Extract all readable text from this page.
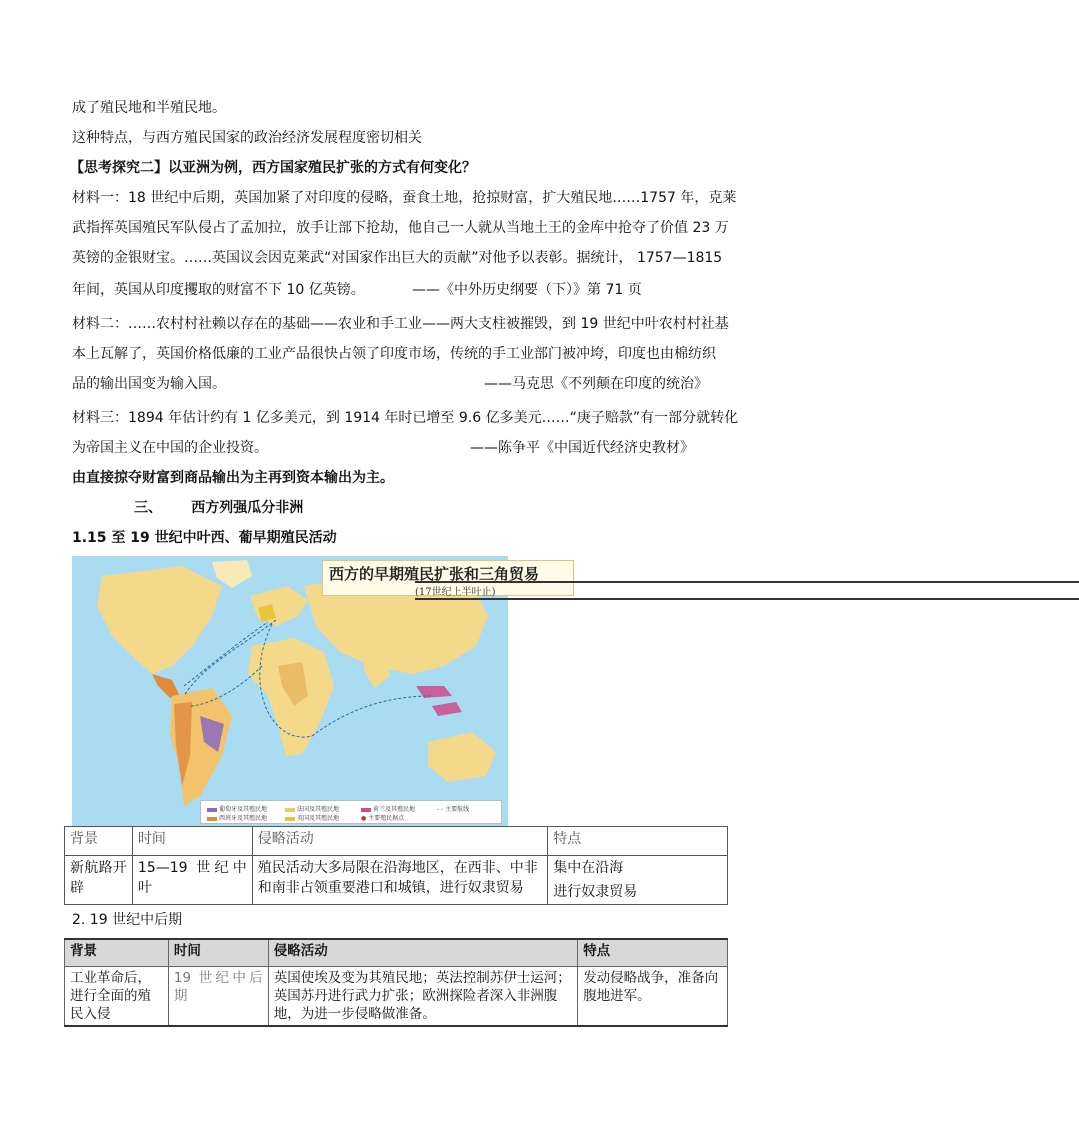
成了殖民地和半殖民地。
这种特点，与西方殖民国家的政治经济发展程度密切相关
【思考探究二】以亚洲为例，西方国家殖民扩张的方式有何变化？
材料一：18 世纪中后期，英国加紧了对印度的侵略，蚕食土地，抢掠财富，扩大殖民地……1757 年，克莱
武指挥英国殖民军队侵占了孟加拉，放手让部下抢劫，他自己一人就从当地土王的金库中抢夺了价值 23 万
英镑的金银财宝。……英国议会因克莱武“对国家作出巨大的贡献”对他予以表彰。据统计， 1757—1815
年间，英国从印度攫取的财富不下 10 亿英镑。	——《中外历史纲要（下）》第 71 页
材料二：……农村村社赖以存在的基础——农业和手工业——两大支柱被摧毁，到 19 世纪中叶农村村社基
本上瓦解了，英国价格低廉的工业产品很快占领了印度市场，传统的手工业部门被冲垮，印度也由棉纺织
品的输出国变为输入国。	——马克思《不列颠在印度的统治》
材料三：1894 年估计约有 1 亿多美元，到 1914 年时已增至 9.6 亿多美元……“庚子赔款”有一部分就转化
为帝国主义在中国的企业投资。	——陈争平《中国近代经济史教材》
由直接掠夺财富到商品输出为主再到资本输出为主。
三、      西方列强瓜分非洲
1.15 至 19 世纪中叶西、葡早期殖民活动
西方的早期殖民扩张和三角贸易
(17世纪上半叶止)
葡萄牙及其殖民地
西班牙及其殖民地
法国及其殖民地
英国及其殖民地
荷兰及其殖民地
● 主要殖民据点
- - 主要航线
背景	时间	侵略活动	特点
新航路开辟	15—19 世纪中叶	殖民活动大多局限在沿海地区，在西非、中非和南非占领重要港口和城镇，进行奴隶贸易	集中在沿海
进行奴隶贸易
2. 19 世纪中后期
背景	时间	侵略活动	特点
工业革命后，进行全面的殖民入侵	19 世纪中后期	英国使埃及变为其殖民地；英法控制苏伊士运河；英国苏丹进行武力扩张；欧洲探险者深入非洲腹地，为进一步侵略做准备。	发动侵略战争，准备向腹地进军。
